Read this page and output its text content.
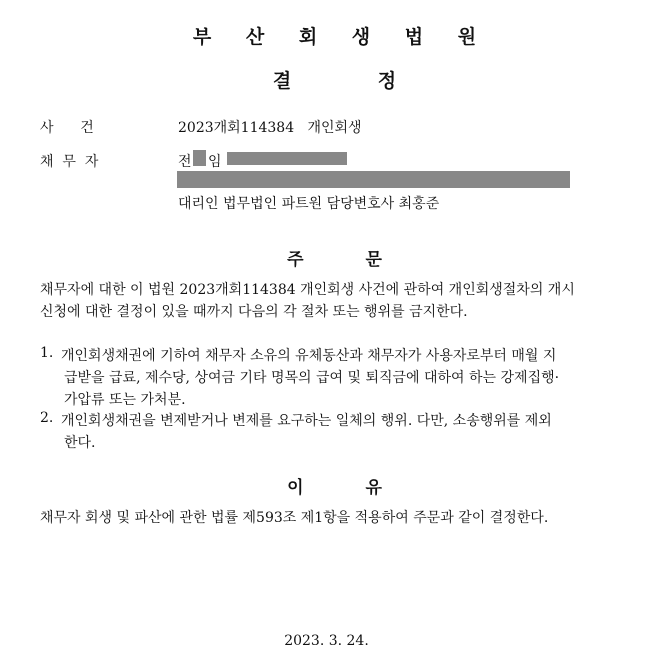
부 산 회 생 법 원
결 정
사      건	2023개회114384   개인회생
채  무  자	전 임
대리인 법무법인 파트원 담당변호사 최홍준
주 문
채무자에 대한 이 법원 2023개회114384 개인회생 사건에 관하여 개인회생절차의 개시
신청에 대한 결정이 있을 때까지 다음의 각 절차 또는 행위를 금지한다.
1. 개인회생채권에 기하여 채무자 소유의 유체동산과 채무자가 사용자로부터 매월 지
급받을 급료, 제수당, 상여금 기타 명목의 급여 및 퇴직금에 대하여 하는 강제집행·
가압류 또는 가처분.
2. 개인회생채권을 변제받거나 변제를 요구하는 일체의 행위. 다만, 소송행위를 제외
한다.
이 유
채무자 회생 및 파산에 관한 법률 제593조 제1항을 적용하여 주문과 같이 결정한다.
2023. 3. 24.
